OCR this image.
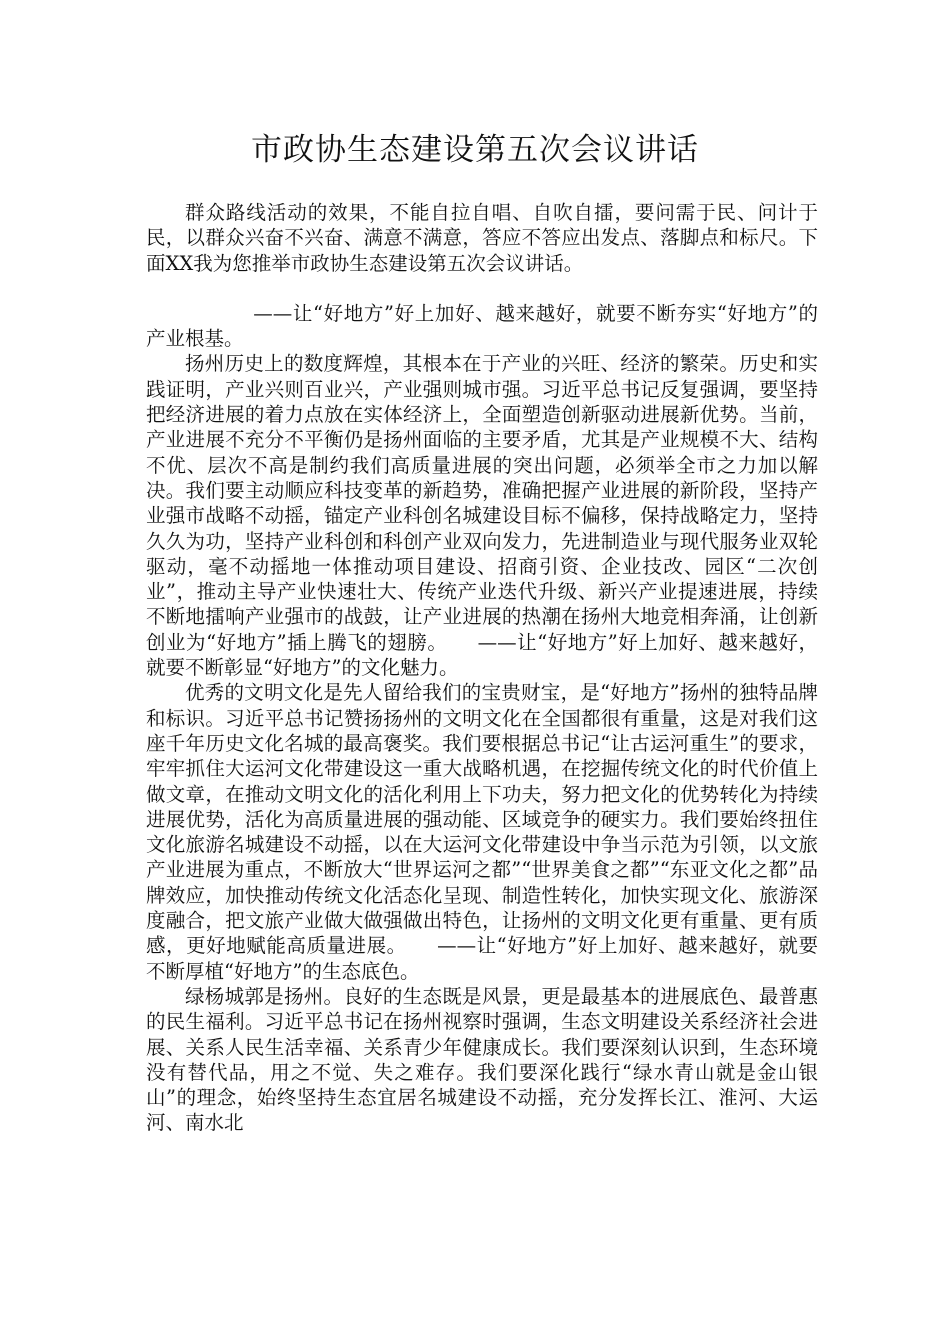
市政协生态建设第五次会议讲话

群众路线活动的效果，不能自拉自唱、自吹自擂，要问需于民、问计于民，以群众兴奋不兴奋、满意不满意，答应不答应出发点、落脚点和标尺。下面XX我为您推举市政协生态建设第五次会议讲话。

——让“好地方”好上加好、越来越好，就要不断夯实“好地方”的产业根基。

扬州历史上的数度辉煌，其根本在于产业的兴旺、经济的繁荣。历史和实践证明，产业兴则百业兴，产业强则城市强。习近平总书记反复强调，要坚持把经济进展的着力点放在实体经济上，全面塑造创新驱动进展新优势。当前，产业进展不充分不平衡仍是扬州面临的主要矛盾，尤其是产业规模不大、结构不优、层次不高是制约我们高质量进展的突出问题，必须举全市之力加以解决。我们要主动顺应科技变革的新趋势，准确把握产业进展的新阶段，坚持产业强市战略不动摇，锚定产业科创名城建设目标不偏移，保持战略定力，坚持久久为功，坚持产业科创和科创产业双向发力，先进制造业与现代服务业双轮驱动，毫不动摇地一体推动项目建设、招商引资、企业技改、园区“二次创业”，推动主导产业快速壮大、传统产业迭代升级、新兴产业提速进展，持续不断地擂响产业强市的战鼓，让产业进展的热潮在扬州大地竞相奔涌，让创新创业为“好地方”插上腾飞的翅膀。　　——让“好地方”好上加好、越来越好，就要不断彰显“好地方”的文化魅力。

优秀的文明文化是先人留给我们的宝贵财宝，是“好地方”扬州的独特品牌和标识。习近平总书记赞扬扬州的文明文化在全国都很有重量，这是对我们这座千年历史文化名城的最高褒奖。我们要根据总书记“让古运河重生”的要求，牢牢抓住大运河文化带建设这一重大战略机遇，在挖掘传统文化的时代价值上做文章，在推动文明文化的活化利用上下功夫，努力把文化的优势转化为持续进展优势，活化为高质量进展的强动能、区域竞争的硬实力。我们要始终扭住文化旅游名城建设不动摇，以在大运河文化带建设中争当示范为引领，以文旅产业进展为重点，不断放大“世界运河之都”“世界美食之都”“东亚文化之都”品牌效应，加快推动传统文化活态化呈现、制造性转化，加快实现文化、旅游深度融合，把文旅产业做大做强做出特色，让扬州的文明文化更有重量、更有质感，更好地赋能高质量进展。　　——让“好地方”好上加好、越来越好，就要不断厚植“好地方”的生态底色。

绿杨城郭是扬州。良好的生态既是风景，更是最基本的进展底色、最普惠的民生福利。习近平总书记在扬州视察时强调，生态文明建设关系经济社会进展、关系人民生活幸福、关系青少年健康成长。我们要深刻认识到，生态环境没有替代品，用之不觉、失之难存。我们要深化践行“绿水青山就是金山银山”的理念，始终坚持生态宜居名城建设不动摇，充分发挥长江、淮河、大运河、南水北
